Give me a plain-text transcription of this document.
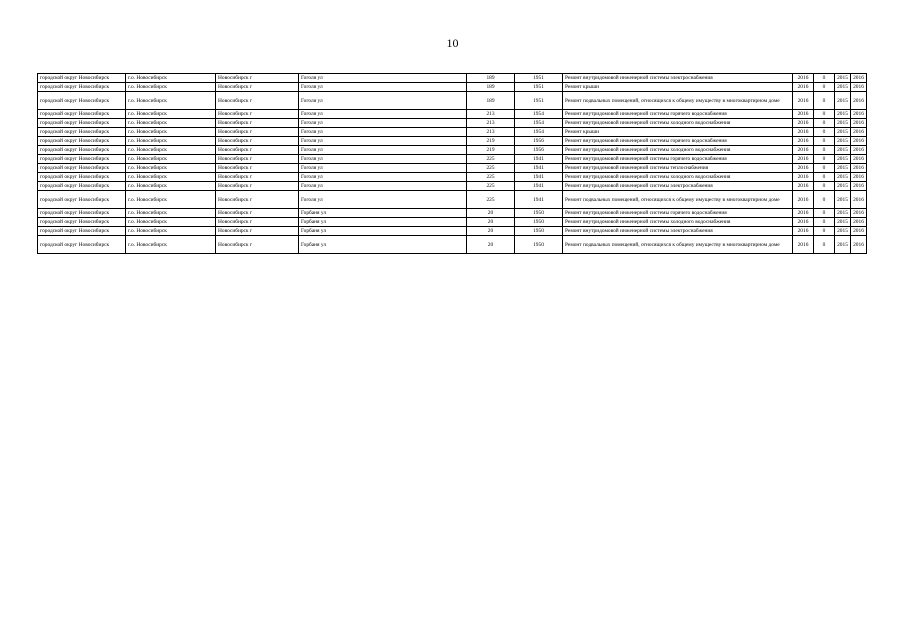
10
городской округ Новосибирск	г.о. Новосибирск	Новосибирск г	Гоголя ул	189	1951	Ремонт внутридомовой инженерной системы электроснабжения	2016	0	2015	2016
городской округ Новосибирск	г.о. Новосибирск	Новосибирск г	Гоголя ул	189	1951	Ремонт крыши	2016	0	2015	2016
городской округ Новосибирск	г.о. Новосибирск	Новосибирск г	Гоголя ул	189	1951	Ремонт подвальных помещений, относящихся к общему имуществу в многоквартирном доме	2016	0	2015	2016
городской округ Новосибирск	г.о. Новосибирск	Новосибирск г	Гоголя ул	213	1954	Ремонт внутридомовой инженерной системы горячего водоснабжения	2016	0	2015	2016
городской округ Новосибирск	г.о. Новосибирск	Новосибирск г	Гоголя ул	213	1954	Ремонт внутридомовой инженерной системы холодного водоснабжения	2016	0	2015	2016
городской округ Новосибирск	г.о. Новосибирск	Новосибирск г	Гоголя ул	213	1954	Ремонт крыши	2016	0	2015	2016
городской округ Новосибирск	г.о. Новосибирск	Новосибирск г	Гоголя ул	219	1956	Ремонт внутридомовой инженерной системы горячего водоснабжения	2016	0	2015	2016
городской округ Новосибирск	г.о. Новосибирск	Новосибирск г	Гоголя ул	219	1956	Ремонт внутридомовой инженерной системы холодного водоснабжения	2016	0	2015	2016
городской округ Новосибирск	г.о. Новосибирск	Новосибирск г	Гоголя ул	225	1941	Ремонт внутридомовой инженерной системы горячего водоснабжения	2016	0	2015	2016
городской округ Новосибирск	г.о. Новосибирск	Новосибирск г	Гоголя ул	225	1941	Ремонт внутридомовой инженерной системы теплоснабжения	2016	0	2015	2016
городской округ Новосибирск	г.о. Новосибирск	Новосибирск г	Гоголя ул	225	1941	Ремонт внутридомовой инженерной системы холодного водоснабжения	2016	0	2015	2016
городской округ Новосибирск	г.о. Новосибирск	Новосибирск г	Гоголя ул	225	1941	Ремонт внутридомовой инженерной системы электроснабжения	2016	0	2015	2016
городской округ Новосибирск	г.о. Новосибирск	Новосибирск г	Гоголя ул	225	1941	Ремонт подвальных помещений, относящихся к общему имуществу в многоквартирном доме	2016	0	2015	2016
городской округ Новосибирск	г.о. Новосибирск	Новосибирск г	Горбаня ул	20	1950	Ремонт внутридомовой инженерной системы горячего водоснабжения	2016	0	2015	2016
городской округ Новосибирск	г.о. Новосибирск	Новосибирск г	Горбаня ул	20	1950	Ремонт внутридомовой инженерной системы холодного водоснабжения	2016	0	2015	2016
городской округ Новосибирск	г.о. Новосибирск	Новосибирск г	Горбаня ул	20	1950	Ремонт внутридомовой инженерной системы электроснабжения	2016	0	2015	2016
городской округ Новосибирск	г.о. Новосибирск	Новосибирск г	Горбаня ул	20	1950	Ремонт подвальных помещений, относящихся к общему имуществу в многоквартирном доме	2016	0	2015	2016
